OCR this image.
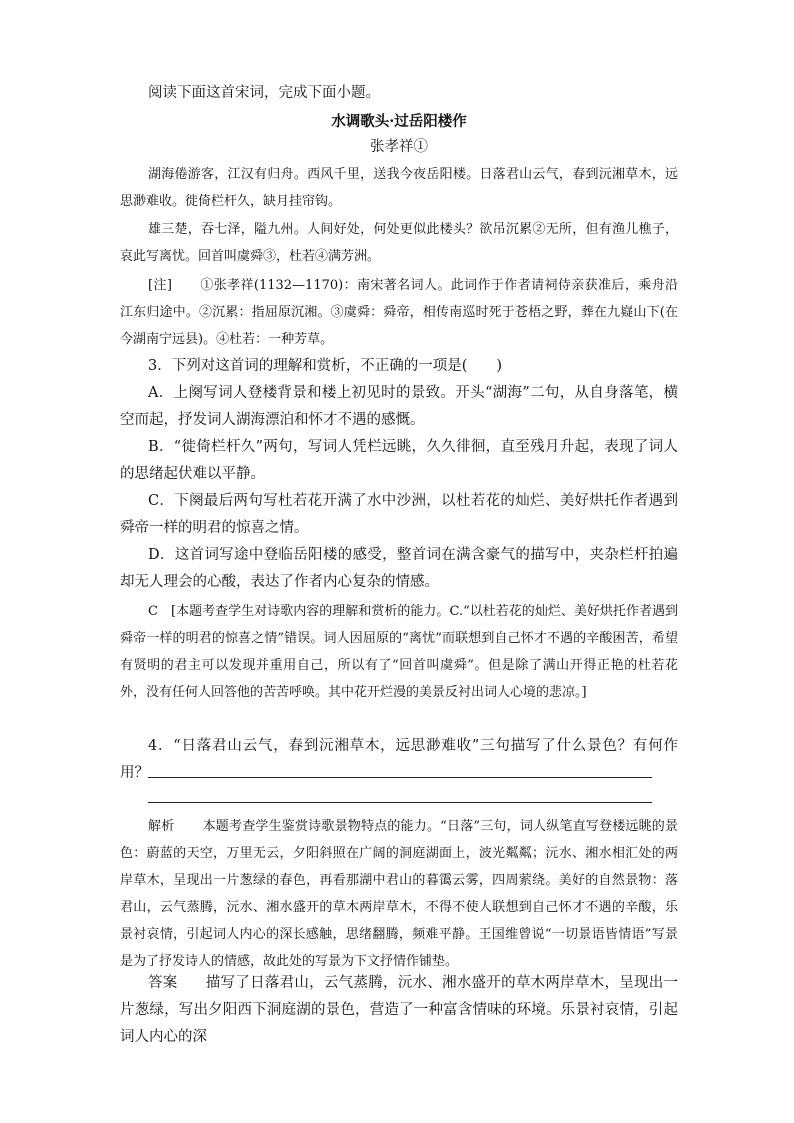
阅读下面这首宋词，完成下面小题。

水调歌头·过岳阳楼作

张孝祥①

湖海倦游客，江汉有归舟。西风千里，送我今夜岳阳楼。日落君山云气，春到沅湘草木，远思渺难收。徙倚栏杆久，缺月挂帘钩。

雄三楚，吞七泽，隘九州。人间好处，何处更似此楼头？欲吊沉累②无所，但有渔儿樵子，哀此写离忧。回首叫虞舜③，杜若④满芳洲。

[注] ①张孝祥(1132—1170)：南宋著名词人。此词作于作者请祠侍亲获准后，乘舟沿江东归途中。②沉累：指屈原沉湘。③虞舜：舜帝，相传南巡时死于苍梧之野，葬在九嶷山下(在今湖南宁远县)。④杜若：一种芳草。

3．下列对这首词的理解和赏析，不正确的一项是(　　)

A．上阕写词人登楼背景和楼上初见时的景致。开头“湖海”二句，从自身落笔，横空而起，抒发词人湖海漂泊和怀才不遇的感慨。

B．“徙倚栏杆久”两句，写词人凭栏远眺，久久徘徊，直至残月升起，表现了词人的思绪起伏难以平静。

C．下阕最后两句写杜若花开满了水中沙洲，以杜若花的灿烂、美好烘托作者遇到舜帝一样的明君的惊喜之情。

D．这首词写途中登临岳阳楼的感受，整首词在满含豪气的描写中，夹杂栏杆拍遍却无人理会的心酸，表达了作者内心复杂的情感。

C　[本题考查学生对诗歌内容的理解和赏析的能力。C.“以杜若花的灿烂、美好烘托作者遇到舜帝一样的明君的惊喜之情”错误。词人因屈原的“离忧”而联想到自己怀才不遇的辛酸困苦，希望有贤明的君主可以发现并重用自己，所以有了“回首叫虞舜”。但是除了满山开得正艳的杜若花外，没有任何人回答他的苦苦呼唤。其中花开烂漫的美景反衬出词人心境的悲凉。]

4．“日落君山云气，春到沅湘草木，远思渺难收”三句描写了什么景色？有何作用？

解析 本题考查学生鉴赏诗歌景物特点的能力。“日落”三句，词人纵笔直写登楼远眺的景色：蔚蓝的天空，万里无云，夕阳斜照在广阔的洞庭湖面上，波光粼粼；沅水、湘水相汇处的两岸草木，呈现出一片葱绿的春色，再看那湖中君山的暮霭云雾，四周萦绕。美好的自然景物：落君山，云气蒸腾，沅水、湘水盛开的草木两岸草木，不得不使人联想到自己怀才不遇的辛酸，乐景衬哀情，引起词人内心的深长感触，思绪翻腾，频难平静。王国维曾说“一切景语皆情语”写景是为了抒发诗人的情感，故此处的写景为下文抒情作铺垫。
答案 描写了日落君山，云气蒸腾，沅水、湘水盛开的草木两岸草木，呈现出一片葱绿，写出夕阳西下洞庭湖的景色，营造了一种富含情味的环境。乐景衬哀情，引起词人内心的深
